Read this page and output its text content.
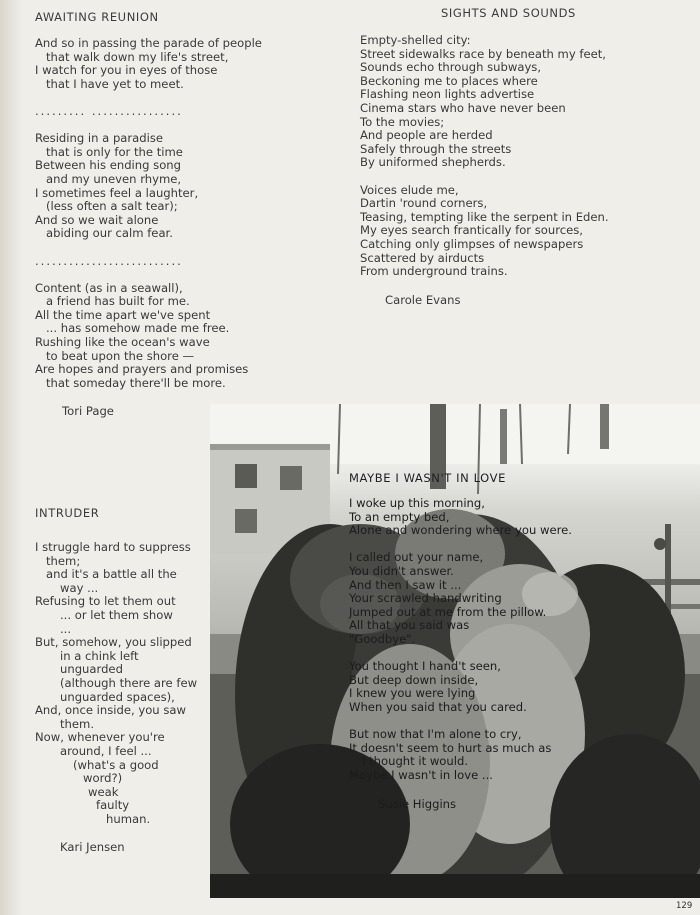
AWAITING REUNION
And so in passing the parade of people
that walk down my life's street,
I watch for you in eyes of those
that I have yet to meet.
......... ................
Residing in a paradise
that is only for the time
Between his ending song
and my uneven rhyme,
I sometimes feel a laughter,
(less often a salt tear);
And so we wait alone
abiding our calm fear.
..........................
Content (as in a seawall),
a friend has built for me.
All the time apart we've spent
... has somehow made me free.
Rushing like the ocean's wave
to beat upon the shore —
Are hopes and prayers and promises
that someday there'll be more.
Tori Page
SIGHTS AND SOUNDS
Empty-shelled city:
Street sidewalks race by beneath my feet,
Sounds echo through subways,
Beckoning me to places where
Flashing neon lights advertise
Cinema stars who have never been
To the movies;
And people are herded
Safely through the streets
By uniformed shepherds.
Voices elude me,
Dartin 'round corners,
Teasing, tempting like the serpent in Eden.
My eyes search frantically for sources,
Catching only glimpses of newspapers
Scattered by airducts
From underground trains.
Carole Evans
INTRUDER
I struggle hard to suppress
them;
and it's a battle all the
way ...
Refusing to let them out
... or let them show
...
But, somehow, you slipped
in a chink left
unguarded
(although there are few
unguarded spaces),
And, once inside, you saw
them.
Now, whenever you're
around, I feel ...
(what's a good
word?)
weak
faulty
human.
Kari Jensen
MAYBE I WASN'T IN LOVE
I woke up this morning,
To an empty bed,
Alone and wondering where you were.
I called out your name,
You didn't answer.
And then I saw it ...
Your scrawled handwriting
Jumped out at me from the pillow.
All that you said was
"Goodbye".
You thought I hand't seen,
But deep down inside,
I knew you were lying
When you said that you cared.
But now that I'm alone to cry,
It doesn't seem to hurt as much as
I thought it would.
Maybe I wasn't in love ...
Susie Higgins
129
